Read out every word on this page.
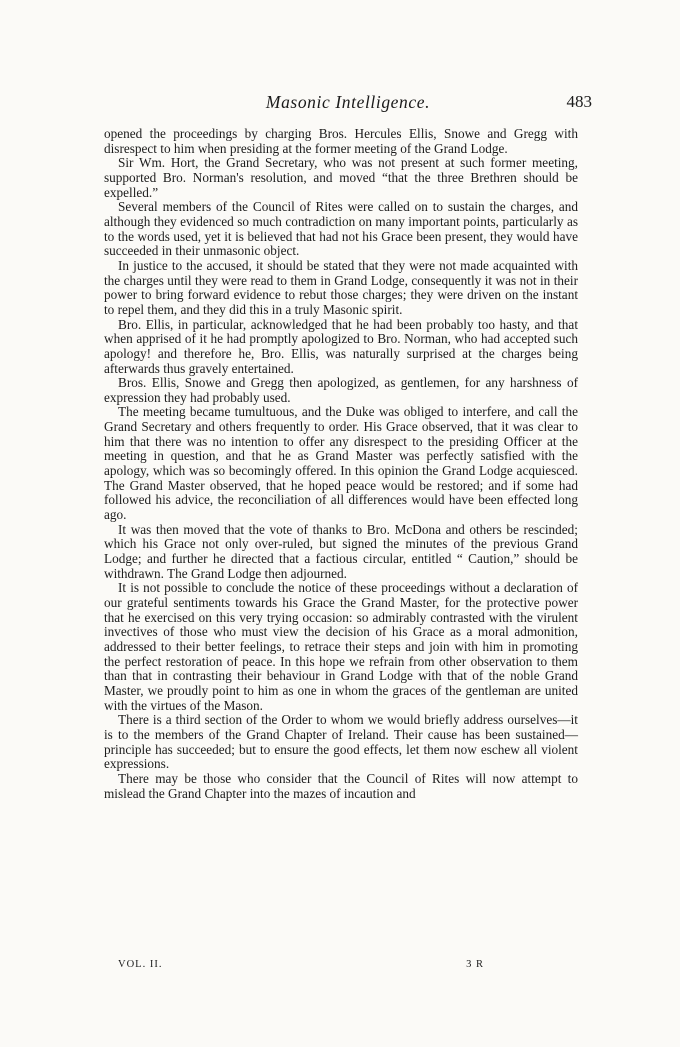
Masonic Intelligence.	483

opened the proceedings by charging Bros. Hercules Ellis, Snowe and Gregg with disrespect to him when presiding at the former meeting of the Grand Lodge.

Sir Wm. Hort, the Grand Secretary, who was not present at such former meeting, supported Bro. Norman's resolution, and moved “that the three Brethren should be expelled.”

Several members of the Council of Rites were called on to sustain the charges, and although they evidenced so much contradiction on many important points, particularly as to the words used, yet it is believed that had not his Grace been present, they would have succeeded in their unmasonic object.

In justice to the accused, it should be stated that they were not made acquainted with the charges until they were read to them in Grand Lodge, consequently it was not in their power to bring forward evidence to rebut those charges; they were driven on the instant to repel them, and they did this in a truly Masonic spirit.

Bro. Ellis, in particular, acknowledged that he had been probably too hasty, and that when apprised of it he had promptly apologized to Bro. Norman, who had accepted such apology! and therefore he, Bro. Ellis, was naturally surprised at the charges being afterwards thus gravely entertained.

Bros. Ellis, Snowe and Gregg then apologized, as gentlemen, for any harshness of expression they had probably used.

The meeting became tumultuous, and the Duke was obliged to interfere, and call the Grand Secretary and others frequently to order. His Grace observed, that it was clear to him that there was no intention to offer any disrespect to the presiding Officer at the meeting in question, and that he as Grand Master was perfectly satisfied with the apology, which was so becomingly offered. In this opinion the Grand Lodge acquiesced. The Grand Master observed, that he hoped peace would be restored; and if some had followed his advice, the reconciliation of all differences would have been effected long ago.

It was then moved that the vote of thanks to Bro. McDona and others be rescinded; which his Grace not only over-ruled, but signed the minutes of the previous Grand Lodge; and further he directed that a factious circular, entitled “ Caution,” should be withdrawn. The Grand Lodge then adjourned.

It is not possible to conclude the notice of these proceedings without a declaration of our grateful sentiments towards his Grace the Grand Master, for the protective power that he exercised on this very trying occasion: so admirably contrasted with the virulent invectives of those who must view the decision of his Grace as a moral admonition, addressed to their better feelings, to retrace their steps and join with him in promoting the perfect restoration of peace. In this hope we refrain from other observation to them than that in contrasting their behaviour in Grand Lodge with that of the noble Grand Master, we proudly point to him as one in whom the graces of the gentleman are united with the virtues of the Mason.

There is a third section of the Order to whom we would briefly address ourselves—it is to the members of the Grand Chapter of Ireland. Their cause has been sustained—principle has succeeded; but to ensure the good effects, let them now eschew all violent expressions.

There may be those who consider that the Council of Rites will now attempt to mislead the Grand Chapter into the mazes of incaution and

VOL. II.	3 R
